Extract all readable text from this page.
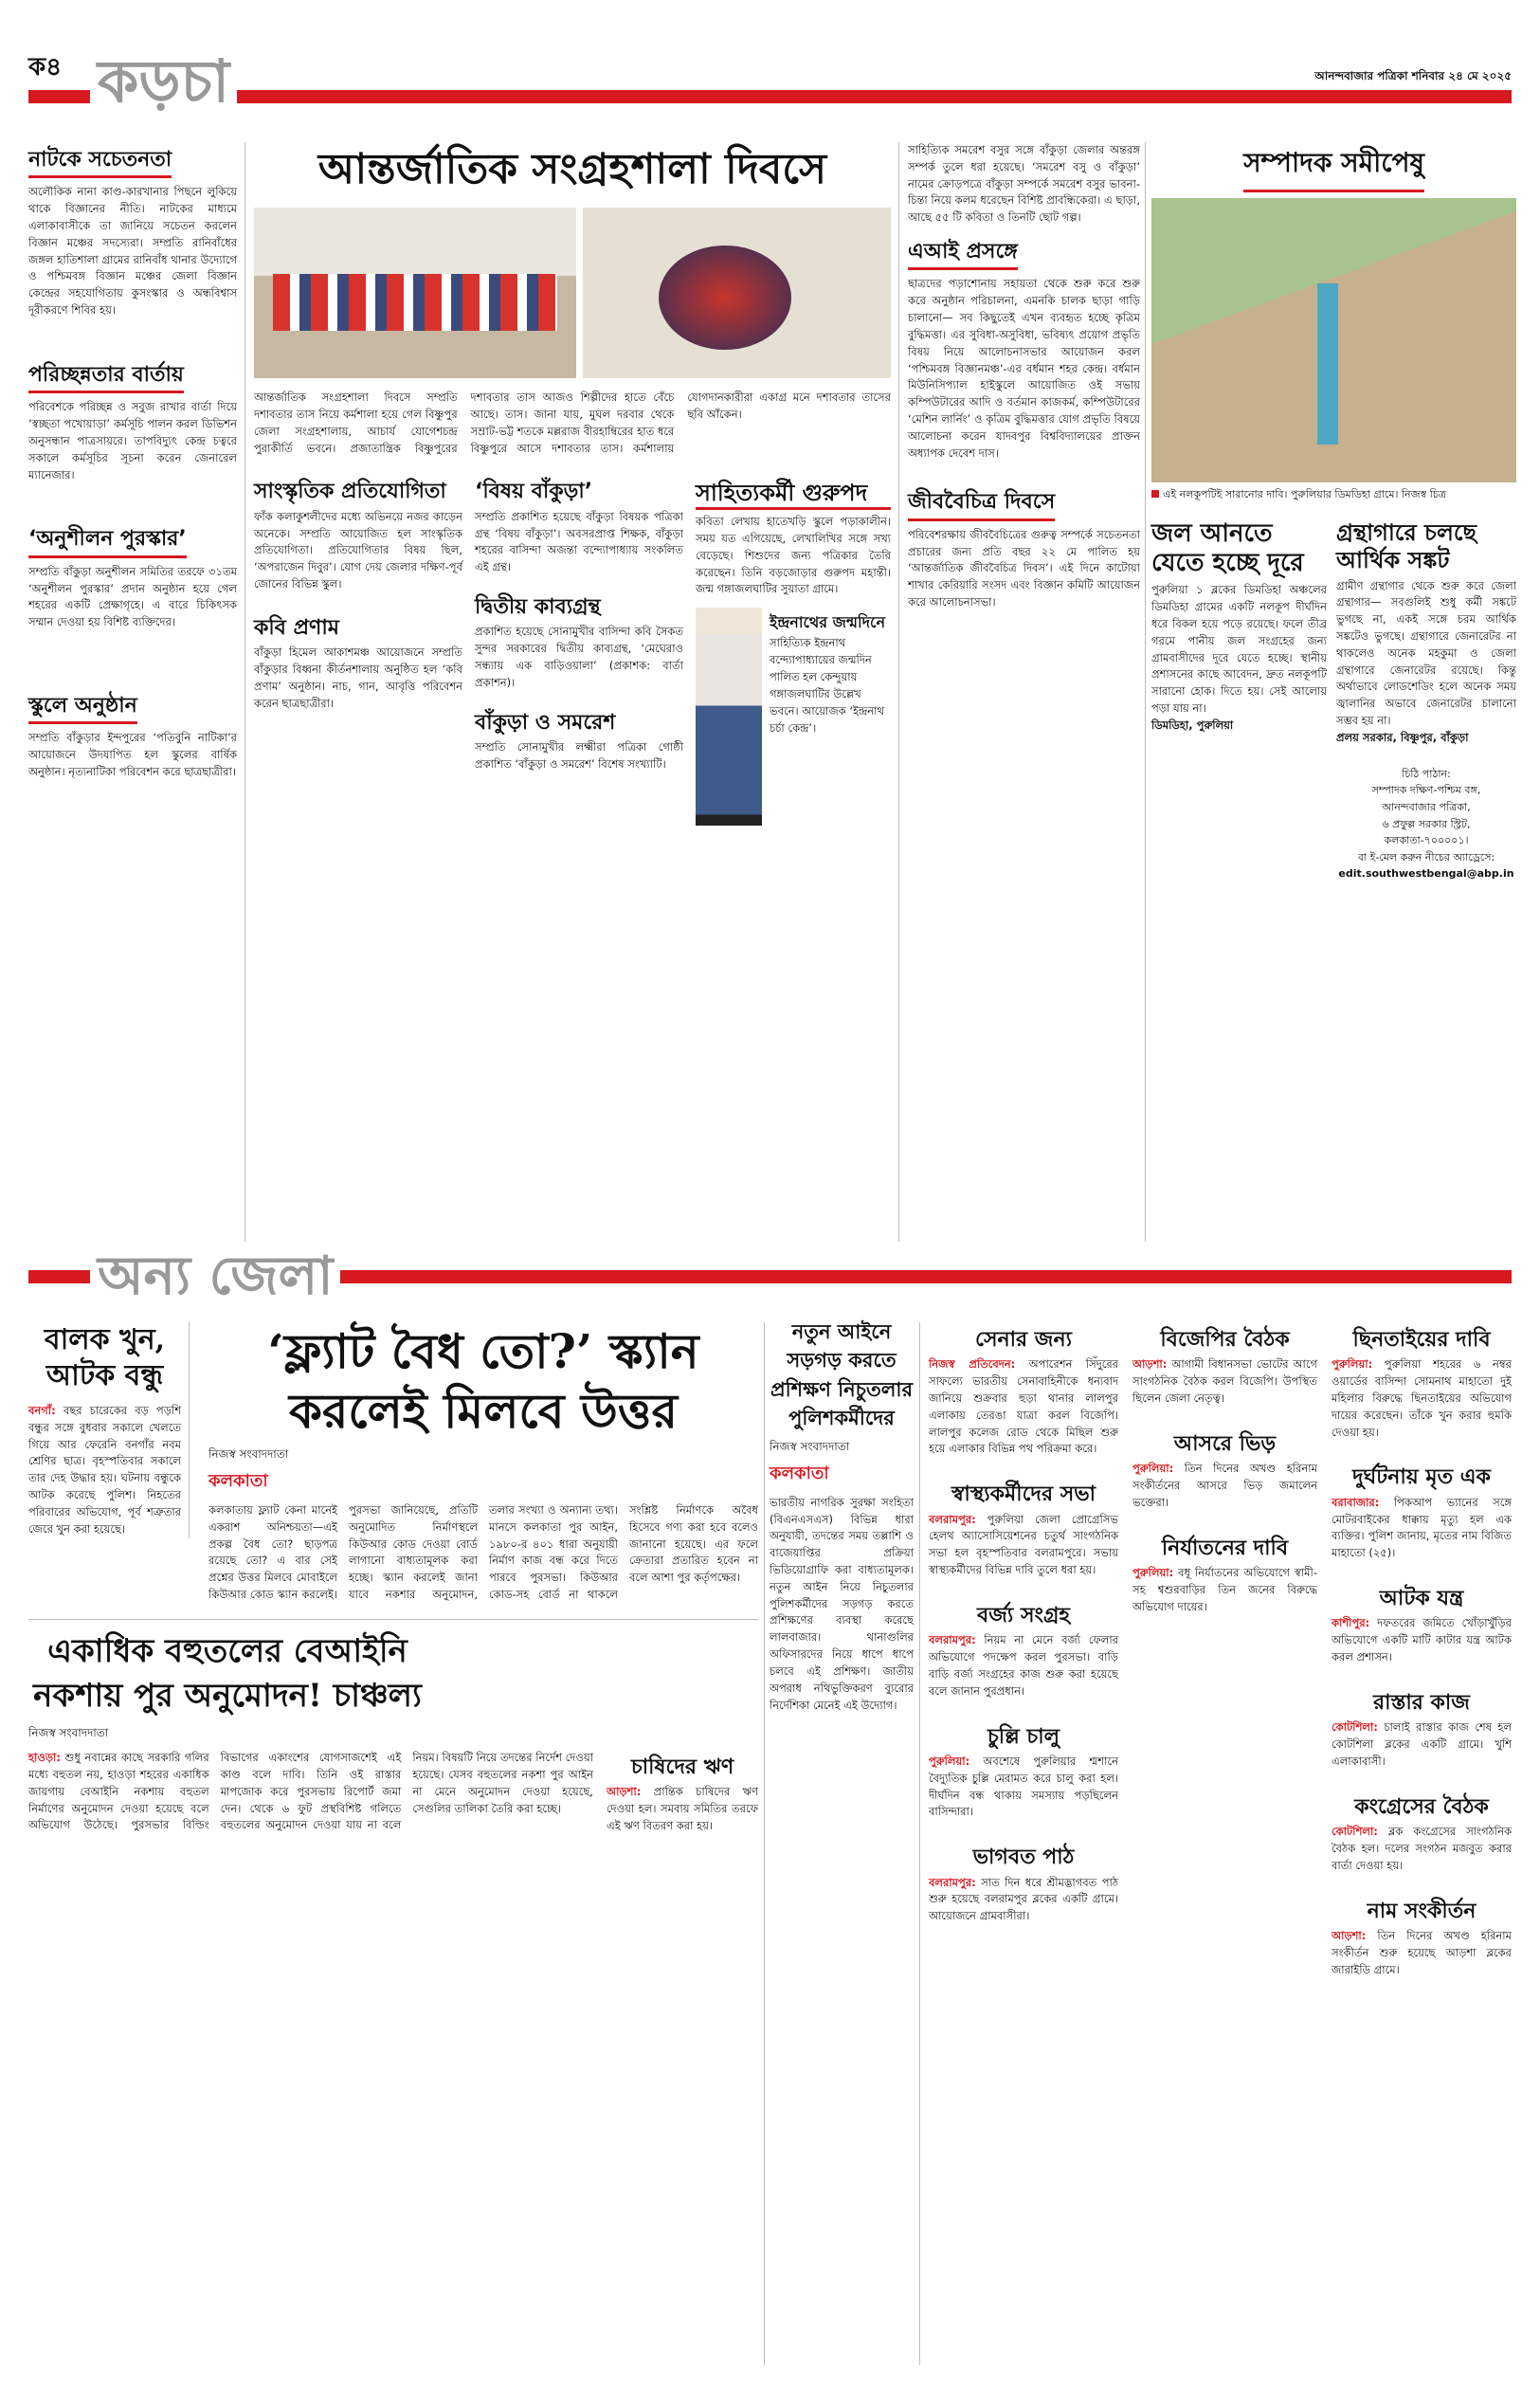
ক৪ কড়চা	আনন্দবাজার পত্রিকা শনিবার ২৪ মে ২০২৫
নাটকে সচেতনতা
অলৌকিক নানা কাণ্ড-কারখানার পিছনে লুকিয়ে থাকে বিজ্ঞানের নীতি। নাটকের মাধ্যমে এলাকাবাসীকে তা জানিয়ে সচেতন করলেন বিজ্ঞান মঞ্চের সদস্যেরা। সম্প্রতি রানিবাঁধের জঙ্গল হাতিশালা গ্রামের রানিবাঁধ থানার উদ্যোগে ও পশ্চিমবঙ্গ বিজ্ঞান মঞ্চের জেলা বিজ্ঞান কেন্দ্রের সহযোগিতায় কুসংস্কার ও অন্ধবিশ্বাস দূরীকরণে শিবির হয়।
পরিচ্ছন্নতার বার্তায়
পরিবেশকে পরিচ্ছন্ন ও সবুজ রাখার বার্তা দিয়ে ‘স্বচ্ছতা পখোয়াড়া’ কর্মসূচি পালন করল ডিভিশন অনুসন্ধান পাত্রসায়রে। তাপবিদ্যুৎ কেন্দ্র চত্বরে সকালে কর্মসূচির সূচনা করেন জেনারেল ম্যানেজার।
‘অনুশীলন পুরস্কার’
সম্প্রতি বাঁকুড়া অনুশীলন সমিতির তরফে ৩১তম ‘অনুশীলন পুরস্কার’ প্রদান অনুষ্ঠান হয়ে গেল শহরের একটি প্রেক্ষাগৃহে। এ বারে চিকিৎসক সম্মান দেওয়া হয় বিশিষ্ট ব্যক্তিদের।
স্কুলে অনুষ্ঠান
সম্প্রতি বাঁকুড়ার ইন্দপুরের ‘পতিবুনি নাটিকা’র আয়োজনে উদযাপিত হল স্কুলের বার্ষিক অনুষ্ঠান। নৃত্যনাটিকা পরিবেশন করে ছাত্রছাত্রীরা।
আন্তর্জাতিক সংগ্রহশালা দিবসে
আন্তর্জাতিক সংগ্রহশালা দিবসে সম্প্রতি দশাবতার তাস নিয়ে কর্মশালা হয়ে গেল বিষ্ণুপুর জেলা সংগ্রহশালায়, আচার্য যোগেশচন্দ্র পুরাকীর্তি ভবনে। প্রজাতান্ত্রিক বিষ্ণুপুরের দশাবতার তাস আজও শিল্পীদের হাতে বেঁচে আছে। তাস। জানা যায়, মুঘল দরবার থেকে সম্রাট-ভট্ট শতকে মল্লরাজ বীরহাম্বিরের হাত ধরে বিষ্ণুপুরে আসে দশাবতার তাস। কর্মশালায় যোগদানকারীরা একাগ্র মনে দশাবতার তাসের ছবি আঁকেন।
সাংস্কৃতিক প্রতিযোগিতা
ফাঁক কলাকুশলীদের মধ্যে অভিনয়ে নজর কাড়েন অনেকে। সম্প্রতি আয়োজিত হল সাংস্কৃতিক প্রতিযোগিতা। প্রতিযোগিতার বিষয় ছিল, ‘অপরাজেন দিবুর’। যোগ দেয় জেলার দক্ষিণ-পূর্ব জোনের বিভিন্ন স্কুল।
কবি প্রণাম
বাঁকুড়া হিমেল আকাশমঞ্চ আয়োজনে সম্প্রতি বাঁকুড়ার বিধ্বনা কীর্তনশালায় অনুষ্ঠিত হল ‘কবি প্রণাম’ অনুষ্ঠান। নাচ, গান, আবৃত্তি পরিবেশন করেন ছাত্রছাত্রীরা।
‘বিষয় বাঁকুড়া’
সম্প্রতি প্রকাশিত হয়েছে বাঁকুড়া বিষয়ক পত্রিকা গ্রন্থ ‘বিষয় বাঁকুড়া’। অবসরপ্রাপ্ত শিক্ষক, বাঁকুড়া শহরের বাসিন্দা অজন্তা বন্দ্যোপাধ্যায় সংকলিত এই গ্রন্থ।
দ্বিতীয় কাব্যগ্রন্থ
প্রকাশিত হয়েছে সোনামুখীর বাসিন্দা কবি সৈকত সুন্দর সরকারের দ্বিতীয় কাব্যগ্রন্থ, ‘মেঘেরাও সন্ধ্যায় এক বাড়িওয়ালা’ (প্রকাশক: বার্তা প্রকাশন)।
বাঁকুড়া ও সমরেশ
সম্প্রতি সোনামুখীর লক্ষ্মীরা পত্রিকা গোষ্ঠী প্রকাশিত ‘বাঁকুড়া ও সমরেশ’ বিশেষ সংখ্যাটি।
সাহিত্যকর্মী গুরুপদ
কবিতা লেখায় হাতেখড়ি স্কুলে পড়াকালীন। সময় যত এগিয়েছে, লেখালিখির সঙ্গে সখ্য বেড়েছে। শিশুদের জন্য পত্রিকার তৈরি করেছেন। তিনি বড়জোড়ার গুরুপদ মহান্তী। জন্ম গঙ্গাজলঘাটির সুয়াতা গ্রামে।
ইন্দ্রনাথের জন্মদিনে
সাহিত্যিক ইন্দ্রনাথ বন্দ্যোপাধ্যায়ের জন্মদিন পালিত হল কেন্দুয়ায় গঙ্গাজলঘাটির উল্লেখ ভবনে। আয়োজক ‘ইন্দ্রনাথ চর্চা কেন্দ্র’।
সাহিত্যিক সমরেশ বসুর সঙ্গে বাঁকুড়া জেলার অন্তরঙ্গ সম্পর্ক তুলে ধরা হয়েছে। ‘সমরেশ বসু ও বাঁকুড়া’ নামের ক্রোড়পত্রে বাঁকুড়া সম্পর্কে সমরেশ বসুর ভাবনা-চিন্তা নিয়ে কলম ধরেছেন বিশিষ্ট প্রাবন্ধিকেরা। এ ছাড়া, আছে ৫৫ টি কবিতা ও তিনটি ছোট গল্প।
এআই প্রসঙ্গে
ছাত্রদের পড়াশোনায় সহায়তা থেকে শুরু করে শুরু করে অনুষ্ঠান পরিচালনা, এমনকি চালক ছাড়া গাড়ি চালানো— সব কিছুতেই এখন ব্যবহৃত হচ্ছে কৃত্রিম বুদ্ধিমত্তা। এর সুবিধা-অসুবিধা, ভবিষ্যৎ প্রয়োগ প্রভৃতি বিষয় নিয়ে আলোচনাসভার আয়োজন করল ‘পশ্চিমবঙ্গ বিজ্ঞানমঞ্চ’-এর বর্ধমান শহর কেন্দ্র। বর্ধমান মিউনিসিপ্যাল হাইস্কুলে আয়োজিত ওই সভায় কম্পিউটারের আদি ও বর্তমান কাজকর্ম, কম্পিউটারের ‘মেশিন লার্নিং’ ও কৃত্রিম বুদ্ধিমত্তার যোগ প্রভৃতি বিষয়ে আলোচনা করেন যাদবপুর বিশ্ববিদ্যালয়ের প্রাক্তন অধ্যাপক দেবেশ দাস।
জীববৈচিত্র দিবসে
পরিবেশরক্ষায় জীববৈচিত্রের গুরুত্ব সম্পর্কে সচেতনতা প্রচারের জন্য প্রতি বছর ২২ মে পালিত হয় ‘আন্তর্জাতিক জীববৈচিত্র দিবস’। এই দিনে কাটোয়া শাখার কেরিয়ারি সংসদ এবং বিজ্ঞান কমিটি আয়োজন করে আলোচনাসভা।
সম্পাদক সমীপেষু
এই নলকূপটিই সারানোর দাবি। পুরুলিয়ার ডিমডিহা গ্রামে। নিজস্ব চিত্র
জল আনতে যেতে হচ্ছে দূরে
পুরুলিয়া ১ ব্লকের ডিমডিহা অঞ্চলের ডিমডিহা গ্রামের একটি নলকূপ দীর্ঘদিন ধরে বিকল হয়ে পড়ে রয়েছে। ফলে তীব্র গরমে পানীয় জল সংগ্রহের জন্য গ্রামবাসীদের দূরে যেতে হচ্ছে। স্থানীয় প্রশাসনের কাছে আবেদন, দ্রুত নলকূপটি সারানো হোক। দিতে হয়। সেই আলোয় পড়া যায় না।
ডিমডিহা, পুরুলিয়া
গ্রন্থাগারে চলছে আর্থিক সঙ্কট
গ্রামীণ গ্রন্থাগার থেকে শুরু করে জেলা গ্রন্থাগার— সবগুলিই শুধু কর্মী সঙ্কটে ভুগছে না, একই সঙ্গে চরম আর্থিক সঙ্কটেও ভুগছে। গ্রন্থাগারে জেনারেটর না থাকলেও অনেক মহকুমা ও জেলা গ্রন্থাগারে জেনারেটর রয়েছে। কিন্তু অর্থাভাবে লোডশেডিং হলে অনেক সময় জ্বালানির অভাবে জেনারেটর চালানো সম্ভব হয় না।
প্রলয় সরকার, বিষ্ণুপুর, বাঁকুড়া
চিঠি পাঠান:
সম্পাদক দক্ষিণ-পশ্চিম বঙ্গ,
আনন্দবাজার পত্রিকা,
৬ প্রফুল্ল সরকার স্ট্রিট,
কলকাতা-৭০০০০১।
বা ই-মেল করুন নীচের অ্যাড্রেসে:
edit.southwestbengal@abp.in
অন্য জেলা
বালক খুন, আটক বন্ধু
বনগাঁ: বছর চারেকের বড় পড়শি বন্ধুর সঙ্গে বুধবার সকালে খেলতে গিয়ে আর ফেরেনি বনগাঁর নবম শ্রেণির ছাত্র। বৃহস্পতিবার সকালে তার দেহ উদ্ধার হয়। ঘটনায় বন্ধুকে আটক করেছে পুলিশ। নিহতের পরিবারের অভিযোগ, পূর্ব শত্রুতার জেরে খুন করা হয়েছে।
‘ফ্ল্যাট বৈধ তো?’ স্ক্যান করলেই মিলবে উত্তর
নিজস্ব সংবাদদাতা
কলকাতা
কলকাতায় ফ্ল্যাট কেনা মানেই একরাশ অনিশ্চয়তা—এই প্রকল্প বৈধ তো? ছাড়পত্র রয়েছে তো? এ বার সেই প্রশ্নের উত্তর মিলবে মোবাইলে কিউআর কোড স্ক্যান করলেই। পুরসভা জানিয়েছে, প্রতিটি অনুমোদিত নির্মাণস্থলে কিউআর কোড দেওয়া বোর্ড লাগানো বাধ্যতামূলক করা হচ্ছে। স্ক্যান করলেই জানা যাবে নকশার অনুমোদন, তলার সংখ্যা ও অন্যান্য তথ্য। মানসে কলকাতা পুর আইন, ১৯৮০-র ৪০১ ধারা অনুযায়ী নির্মাণ কাজ বন্ধ করে দিতে পারবে পুরসভা। কিউআর কোড-সহ বোর্ড না থাকলে সংশ্লিষ্ট নির্মাণকে অবৈধ হিসেবে গণ্য করা হবে বলেও জানানো হয়েছে। এর ফলে ক্রেতারা প্রতারিত হবেন না বলে আশা পুর কর্তৃপক্ষের।
একাধিক বহুতলের বেআইনি নকশায় পুর অনুমোদন! চাঞ্চল্য
নিজস্ব সংবাদদাতা
হাওড়া: শুধু নবান্নের কাছে সরকারি গলির মধ্যে বহুতল নয়, হাওড়া শহরের একাধিক জায়গায় বেআইনি নকশায় বহুতল নির্মাণের অনুমোদন দেওয়া হয়েছে বলে অভিযোগ উঠেছে। পুরসভার বিল্ডিং বিভাগের একাংশের যোগসাজশেই এই কাণ্ড বলে দাবি। তিনি ওই রাস্তার মাপজোক করে পুরসভায় রিপোর্ট জমা দেন। থেকে ৬ ফুট প্রস্থবিশিষ্ট গলিতে বহুতলের অনুমোদন দেওয়া যায় না বলে নিয়ম। বিষয়টি নিয়ে তদন্তের নির্দেশ দেওয়া হয়েছে। যেসব বহুতলের নকশা পুর আইন না মেনে অনুমোদন দেওয়া হয়েছে, সেগুলির তালিকা তৈরি করা হচ্ছে।
চাষিদের ঋণ
আড়শা: প্রান্তিক চাষিদের ঋণ দেওয়া হল। সমবায় সমিতির তরফে এই ঋণ বিতরণ করা হয়।
নতুন আইনে সড়গড় করতে প্রশিক্ষণ নিচুতলার পুলিশকর্মীদের
নিজস্ব সংবাদদাতা
কলকাতা
ভারতীয় নাগরিক সুরক্ষা সংহিতা (বিএনএসএস) বিভিন্ন ধারা অনুযায়ী, তদন্তের সময় তল্লাশি ও বাজেয়াপ্তির প্রক্রিয়া ভিডিয়োগ্রাফি করা বাধ্যতামূলক। নতুন আইন নিয়ে নিচুতলার পুলিশকর্মীদের সড়গড় করতে প্রশিক্ষণের ব্যবস্থা করেছে লালবাজার। থানাগুলির অফিসারদের নিয়ে ধাপে ধাপে চলবে এই প্রশিক্ষণ। জাতীয় অপরাধ নথিভুক্তিকরণ ব্যুরোর নির্দেশিকা মেনেই এই উদ্যোগ।
সেনার জন্য
নিজস্ব প্রতিবেদন: অপারেশন সিঁদুরের সাফল্যে ভারতীয় সেনাবাহিনীকে ধন্যবাদ জানিয়ে শুক্রবার হুড়া থানার লালপুর এলাকায় তেরঙা যাত্রা করল বিজেপি। লালপুর কলেজ রোড থেকে মিছিল শুরু হয়ে এলাকার বিভিন্ন পথ পরিক্রমা করে।
স্বাস্থ্যকর্মীদের সভা
বলরামপুর: পুরুলিয়া জেলা প্রোগ্রেসিভ হেলথ অ্যাসোসিয়েশনের চতুর্থ সাংগঠনিক সভা হল বৃহস্পতিবার বলরামপুরে। সভায় স্বাস্থ্যকর্মীদের বিভিন্ন দাবি তুলে ধরা হয়।
বর্জ্য সংগ্রহ
বলরামপুর: নিয়ম না মেনে বর্জ্য ফেলার অভিযোগে পদক্ষেপ করল পুরসভা। বাড়ি বাড়ি বর্জ্য সংগ্রহের কাজ শুরু করা হয়েছে বলে জানান পুরপ্রধান।
চুল্লি চালু
পুরুলিয়া: অবশেষে পুরুলিয়ার শ্মশানে বৈদ্যুতিক চুল্লি মেরামত করে চালু করা হল। দীর্ঘদিন বন্ধ থাকায় সমস্যায় পড়ছিলেন বাসিন্দারা।
ভাগবত পাঠ
বলরামপুর: সাত দিন ধরে শ্রীমদ্ভাগবত পাঠ শুরু হয়েছে বলরামপুর ব্লকের একটি গ্রামে। আয়োজনে গ্রামবাসীরা।
বিজেপির বৈঠক
আড়শা: আগামী বিধানসভা ভোটের আগে সাংগঠনিক বৈঠক করল বিজেপি। উপস্থিত ছিলেন জেলা নেতৃত্ব।
আসরে ভিড়
পুরুলিয়া: তিন দিনের অখণ্ড হরিনাম সংকীর্তনের আসরে ভিড় জমালেন ভক্তেরা।
নির্যাতনের দাবি
পুরুলিয়া: বধূ নির্যাতনের অভিযোগে স্বামী-সহ শ্বশুরবাড়ির তিন জনের বিরুদ্ধে অভিযোগ দায়ের।
ছিনতাইয়ের দাবি
পুরুলিয়া: পুরুলিয়া শহরের ৬ নম্বর ওয়ার্ডের বাসিন্দা সোমনাথ মাহাতো দুই মহিলার বিরুদ্ধে ছিনতাইয়ের অভিযোগ দায়ের করেছেন। তাঁকে খুন করার হুমকি দেওয়া হয়।
দুর্ঘটনায় মৃত এক
বরাবাজার: পিকআপ ভ্যানের সঙ্গে মোটরবাইকের ধাক্কায় মৃত্যু হল এক ব্যক্তির। পুলিশ জানায়, মৃতের নাম বিজিত মাহাতো (২৫)।
আটক যন্ত্র
কাশীপুর: দফতরের জমিতে খোঁড়াখুঁড়ির অভিযোগে একটি মাটি কাটার যন্ত্র আটক করল প্রশাসন।
রাস্তার কাজ
কোটশিলা: চালাই রাস্তার কাজ শেষ হল কোটশিলা ব্লকের একটি গ্রামে। খুশি এলাকাবাসী।
কংগ্রেসের বৈঠক
কোটশিলা: ব্লক কংগ্রেসের সাংগঠনিক বৈঠক হল। দলের সংগঠন মজবুত করার বার্তা দেওয়া হয়।
নাম সংকীর্তন
আড়শা: তিন দিনের অখণ্ড হরিনাম সংকীর্তন শুরু হয়েছে আড়শা ব্লকের জারাইডি গ্রামে।
